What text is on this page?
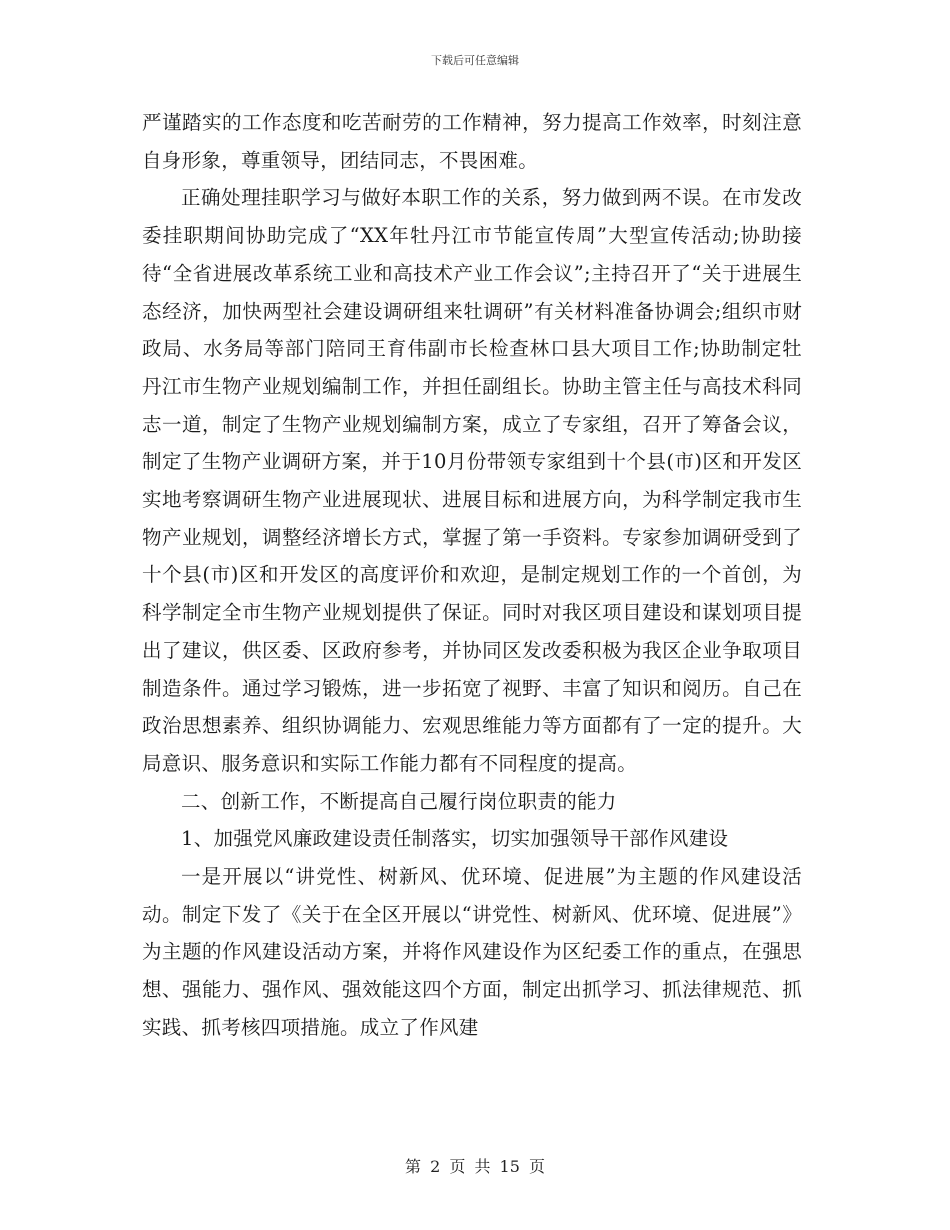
下载后可任意编辑

严谨踏实的工作态度和吃苦耐劳的工作精神，努力提高工作效率，时刻注意自身形象，尊重领导，团结同志，不畏困难。

正确处理挂职学习与做好本职工作的关系，努力做到两不误。在市发改委挂职期间协助完成了“XX年牡丹江市节能宣传周”大型宣传活动;协助接待“全省进展改革系统工业和高技术产业工作会议”;主持召开了“关于进展生态经济，加快两型社会建设调研组来牡调研”有关材料准备协调会;组织市财政局、水务局等部门陪同王育伟副市长检查林口县大项目工作;协助制定牡丹江市生物产业规划编制工作，并担任副组长。协助主管主任与高技术科同志一道，制定了生物产业规划编制方案，成立了专家组，召开了筹备会议，制定了生物产业调研方案，并于10月份带领专家组到十个县(市)区和开发区实地考察调研生物产业进展现状、进展目标和进展方向，为科学制定我市生物产业规划，调整经济增长方式，掌握了第一手资料。专家参加调研受到了十个县(市)区和开发区的高度评价和欢迎，是制定规划工作的一个首创，为科学制定全市生物产业规划提供了保证。同时对我区项目建设和谋划项目提出了建议，供区委、区政府参考，并协同区发改委积极为我区企业争取项目制造条件。通过学习锻炼，进一步拓宽了视野、丰富了知识和阅历。自己在政治思想素养、组织协调能力、宏观思维能力等方面都有了一定的提升。大局意识、服务意识和实际工作能力都有不同程度的提高。

二、创新工作，不断提高自己履行岗位职责的能力

1、加强党风廉政建设责任制落实，切实加强领导干部作风建设

一是开展以“讲党性、树新风、优环境、促进展”为主题的作风建设活动。制定下发了《关于在全区开展以“讲党性、树新风、优环境、促进展”》为主题的作风建设活动方案，并将作风建设作为区纪委工作的重点，在强思想、强能力、强作风、强效能这四个方面，制定出抓学习、抓法律规范、抓实践、抓考核四项措施。成立了作风建

第 2 页 共 15 页
